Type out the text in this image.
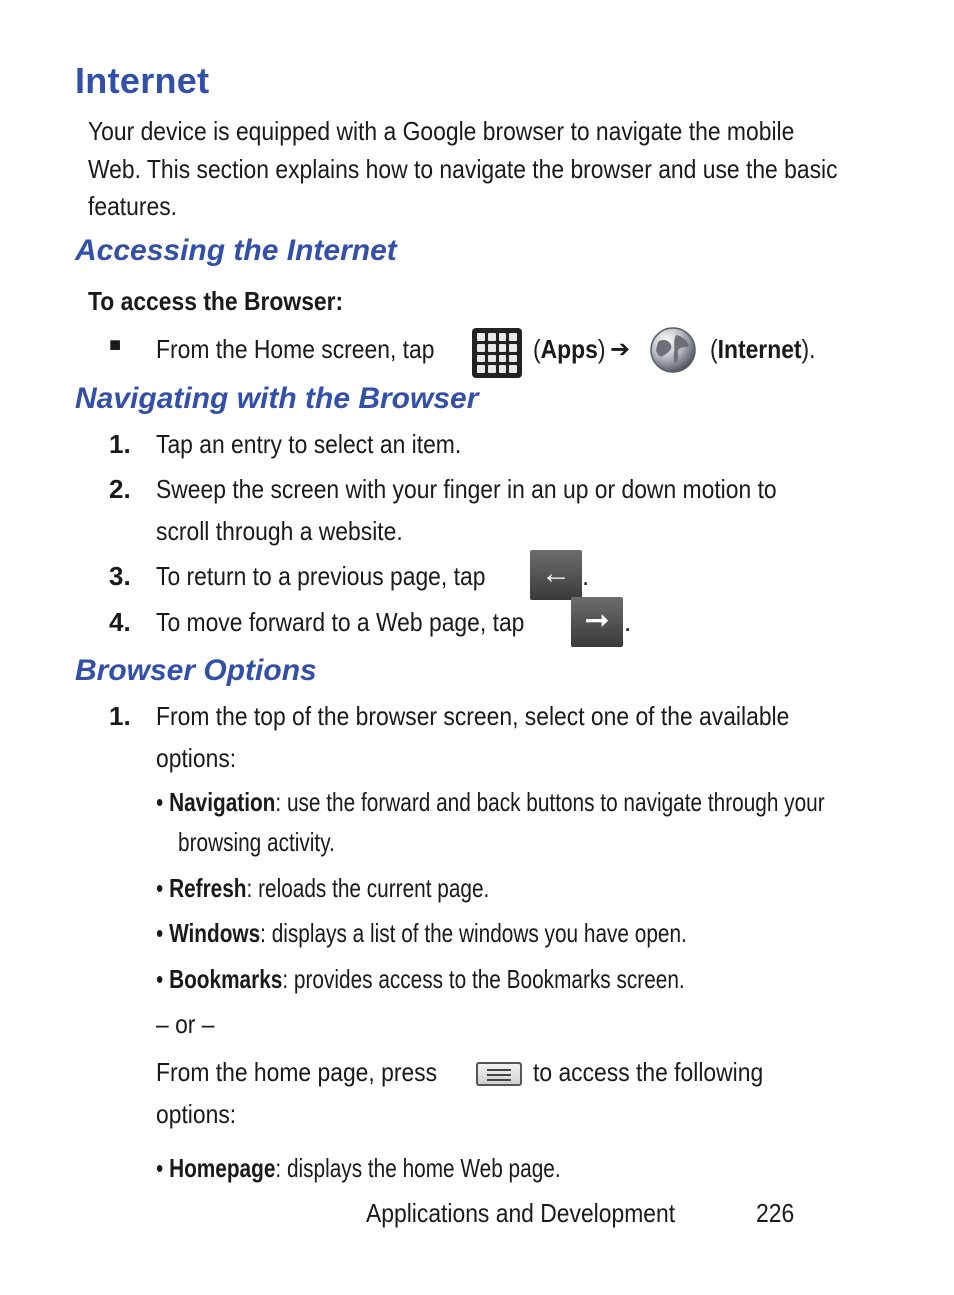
Internet
Your device is equipped with a Google browser to navigate the mobile Web. This section explains how to navigate the browser and use the basic features.
Accessing the Internet
To access the Browser:
■ From the Home screen, tap	(Apps) ➔	(Internet).
Navigating with the Browser
1. Tap an entry to select an item.
2. Sweep the screen with your finger in an up or down motion to
scroll through a website.
3. To return to a previous page, tap	← .
4. To move forward to a Web page, tap	➞ .
Browser Options
1. From the top of the browser screen, select one of the available
options:
• Navigation: use the forward and back buttons to navigate through your
browsing activity.
• Refresh: reloads the current page.
• Windows: displays a list of the windows you have open.
• Bookmarks: provides access to the Bookmarks screen.
– or –
From the home page, press	to access the following
options:
• Homepage: displays the home Web page.
Applications and Development	226
